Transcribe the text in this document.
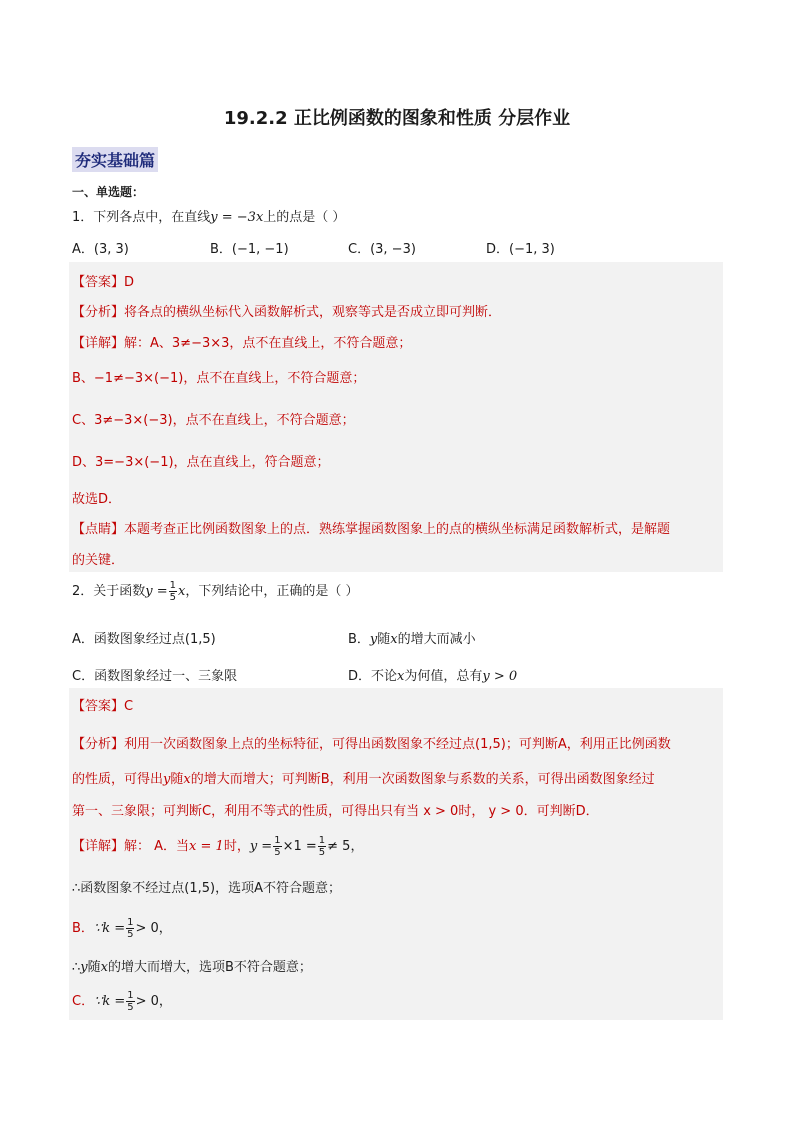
19.2.2 正比例函数的图象和性质 分层作业
夯实基础篇
一、单选题：
1．下列各点中，在直线y = −3x上的点是（ ）
A．(3, 3)	B．(−1, −1)	C．(3, −3)	D．(−1, 3)
【答案】D
【分析】将各点的横纵坐标代入函数解析式，观察等式是否成立即可判断．
【详解】解：A、3≠−3×3，点不在直线上，不符合题意；
B、−1≠−3×(−1)，点不在直线上，不符合题意；
C、3≠−3×(−3)，点不在直线上，不符合题意；
D、3=−3×(−1)，点在直线上，符合题意；
故选D．
【点睛】本题考查正比例函数图象上的点．熟练掌握函数图象上的点的横纵坐标满足函数解析式，是解题
的关键．
2．关于函数$y = \frac{1}{5}$ x，下列结论中，正确的是（ ）
A．函数图象经过点(1,5)	B．y随x的增大而减小
C．函数图象经过一、三象限	D．不论x为何值，总有y > 0
【答案】C
【分析】利用一次函数图象上点的坐标特征，可得出函数图象不经过点(1,5)；可判断A，利用正比例函数
的性质，可得出y随x的增大而增大；可判断B，利用一次函数图象与系数的关系，可得出函数图象经过
第一、三象限；可判断C，利用不等式的性质，可得出只有当 x > 0时， y > 0．可判断D．
【详解】解： A．当x = 1时，$y = \frac{1}{5} \times 1 = \frac{1}{5} \ne 5$，
∴函数图象不经过点(1,5)，选项A不符合题意；
B．∵k = $\frac{1}{5} > 0$，
∴y随x的增大而增大，选项B不符合题意；
C．∵k = $\frac{1}{5} > 0$，
